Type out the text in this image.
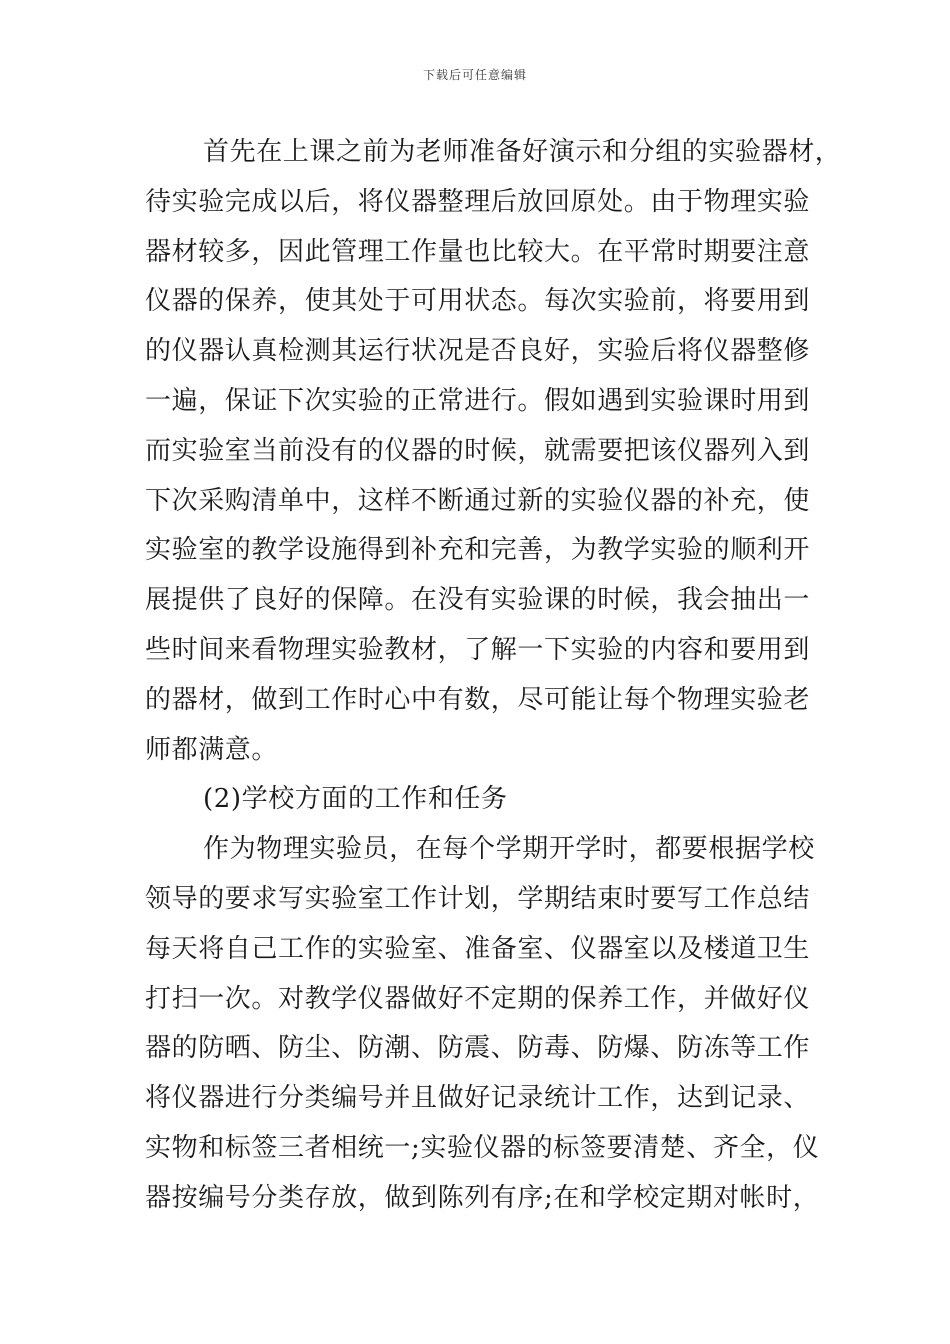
下载后可任意编辑
首先在上课之前为老师准备好演示和分组的实验器材，
待实验完成以后，将仪器整理后放回原处。由于物理实验
器材较多，因此管理工作量也比较大。在平常时期要注意
仪器的保养，使其处于可用状态。每次实验前，将要用到
的仪器认真检测其运行状况是否良好，实验后将仪器整修
一遍，保证下次实验的正常进行。假如遇到实验课时用到
而实验室当前没有的仪器的时候，就需要把该仪器列入到
下次采购清单中，这样不断通过新的实验仪器的补充，使
实验室的教学设施得到补充和完善，为教学实验的顺利开
展提供了良好的保障。在没有实验课的时候，我会抽出一
些时间来看物理实验教材，了解一下实验的内容和要用到
的器材，做到工作时心中有数，尽可能让每个物理实验老
师都满意。
(2)学校方面的工作和任务
作为物理实验员，在每个学期开学时，都要根据学校
领导的要求写实验室工作计划，学期结束时要写工作总结
每天将自己工作的实验室、准备室、仪器室以及楼道卫生
打扫一次。对教学仪器做好不定期的保养工作，并做好仪
器的防晒、防尘、防潮、防震、防毒、防爆、防冻等工作
将仪器进行分类编号并且做好记录统计工作，达到记录、
实物和标签三者相统一;实验仪器的标签要清楚、齐全，仪
器按编号分类存放，做到陈列有序;在和学校定期对帐时，
